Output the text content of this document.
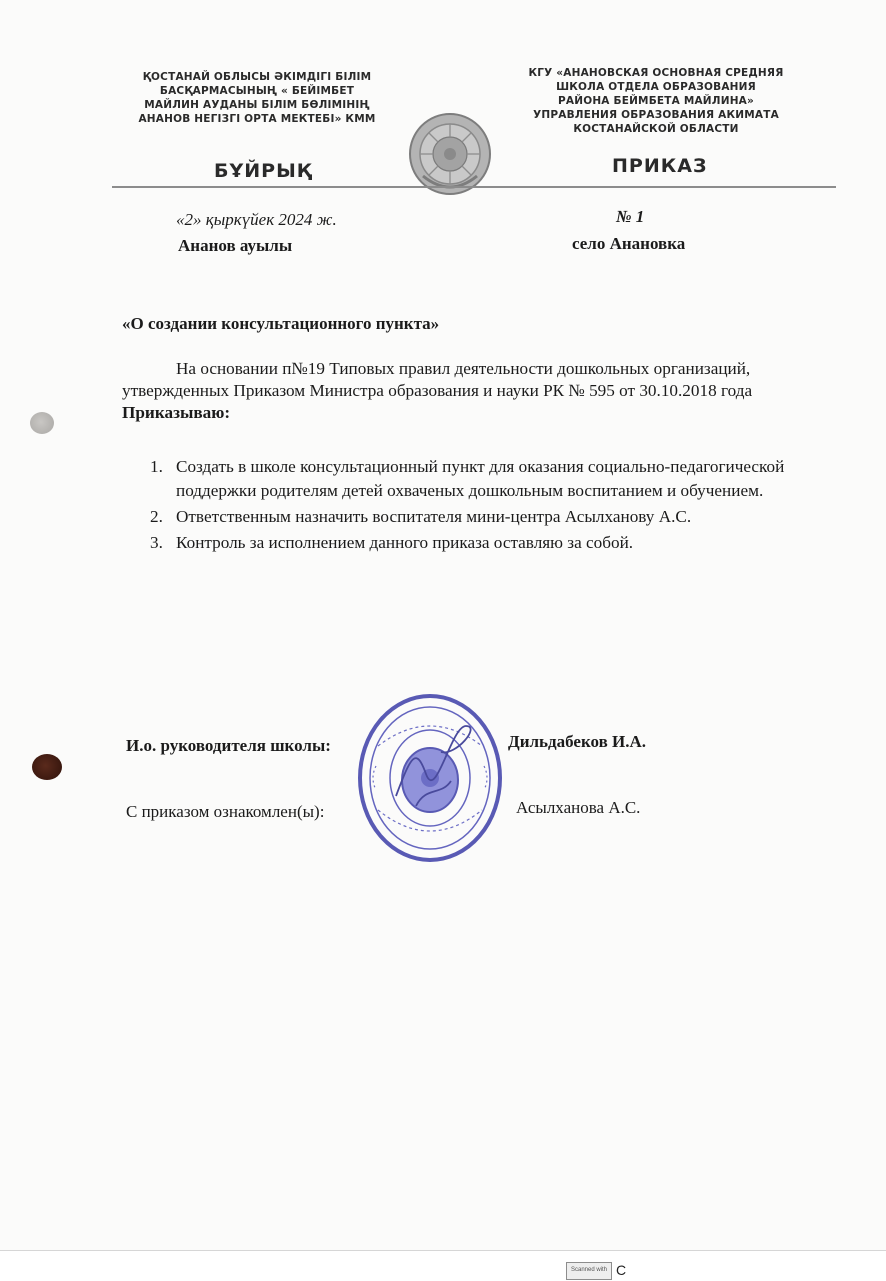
ҚОСТАНАЙ ОБЛЫСЫ ӘКІМДІГІ БІЛІМ
БАСҚАРМАСЫНЫҢ « БЕЙІМБЕТ
МАЙЛИН АУДАНЫ БІЛІМ БӨЛІМІНІҢ
АНАНОВ НЕГІЗГІ ОРТА МЕКТЕБІ» КММ
КГУ «АНАНОВСКАЯ ОСНОВНАЯ СРЕДНЯЯ
ШКОЛА ОТДЕЛА ОБРАЗОВАНИЯ
РАЙОНА БЕЙМБЕТА МАЙЛИНА»
УПРАВЛЕНИЯ ОБРАЗОВАНИЯ АКИМАТА
КОСТАНАЙСКОЙ ОБЛАСТИ
БҰЙРЫҚ	ПРИКАЗ
«2» қыркүйек 2024 ж.
Ананов ауылы
№ 1
село Анановка
«О создании консультационного пункта»

На основании п№19 Типовых правил деятельности дошкольных организаций, утвержденных Приказом Министра образования и науки РК № 595 от 30.10.2018 года

Приказываю:

1. Создать в школе консультационный пункт для оказания социально-педагогической поддержки родителям детей охваченых дошкольным воспитанием и обучением.
2. Ответственным назначить воспитателя мини-центра Асылханову А.С.
3. Контроль за исполнением данного приказа оставляю за собой.
И.о. руководителя школы:	Дильдабеков И.А.
С приказом ознакомлен(ы):	Асылханова А.С.
Scanned with C
